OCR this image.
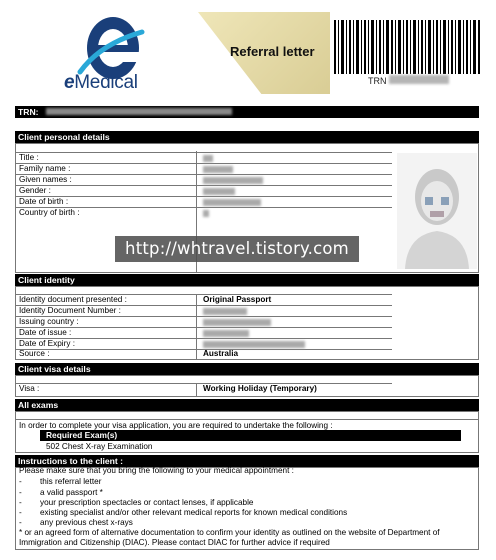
eMedical
Referral letter
TRN
TRN:
Client personal details
Title :
Family name :
Given names :
Gender :
Date of birth :
Country of birth :
http://whtravel.tistory.com
Client identity
Identity document presented :	Original Passport
Identity Document Number :
Issuing country :
Date of issue :
Date of Expiry :
Source :	Australia
Client visa details
Visa :	Working Holiday (Temporary)
All exams
In order to complete your visa application, you are required to undertake the following :
Required Exam(s)
502 Chest X-ray Examination
Instructions to the client :
Please make sure that you bring the following to your medical appointment :
- this referral letter
- a valid passport *
- your prescription spectacles or contact lenses, if applicable
- existing specialist and/or other relevant medical reports for known medical conditions
- any previous chest x-rays
* or an agreed form of alternative documentation to confirm your identity as outlined on the website of Department of
Immigration and Citizenship (DIAC). Please contact DIAC for further advice if required
